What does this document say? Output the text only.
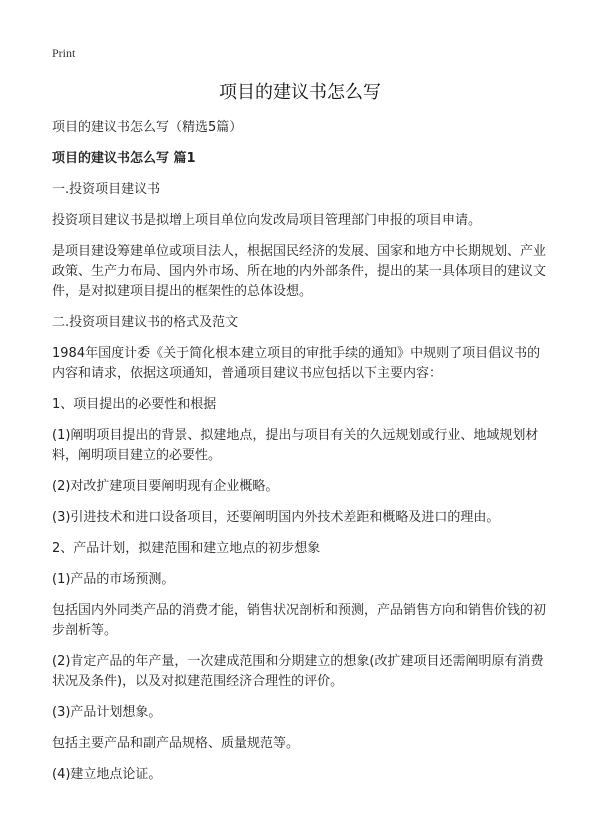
Print
项目的建议书怎么写

项目的建议书怎么写（精选5篇）

项目的建议书怎么写 篇1

一.投资项目建议书

投资项目建议书是拟增上项目单位向发改局项目管理部门申报的项目申请。

是项目建设筹建单位或项目法人，根据国民经济的发展、国家和地方中长期规划、产业政策、生产力布局、国内外市场、所在地的内外部条件，提出的某一具体项目的建议文件，是对拟建项目提出的框架性的总体设想。

二.投资项目建议书的格式及范文

1984年国度计委《关于简化根本建立项目的审批手续的通知》中规则了项目倡议书的内容和请求，依据这项通知，普通项目建议书应包括以下主要内容：

1、项目提出的必要性和根据

(1)阐明项目提出的背景、拟建地点，提出与项目有关的久远规划或行业、地域规划材料，阐明项目建立的必要性。

(2)对改扩建项目要阐明现有企业概略。

(3)引进技术和进口设备项目，还要阐明国内外技术差距和概略及进口的理由。

2、产品计划，拟建范围和建立地点的初步想象

(1)产品的市场预测。

包括国内外同类产品的消费才能，销售状况剖析和预测，产品销售方向和销售价钱的初步剖析等。

(2)肯定产品的年产量，一次建成范围和分期建立的想象(改扩建项目还需阐明原有消费状况及条件)，以及对拟建范围经济合理性的评价。

(3)产品计划想象。

包括主要产品和副产品规格、质量规范等。

(4)建立地点论证。
